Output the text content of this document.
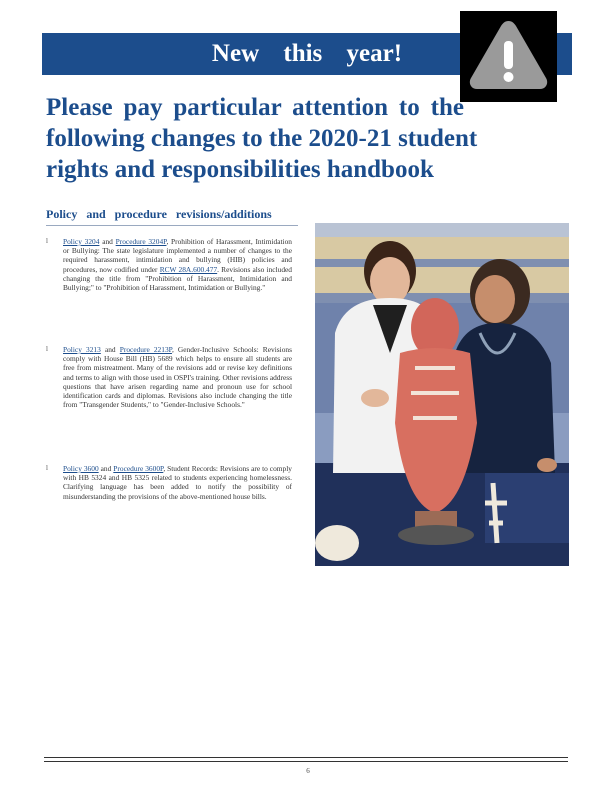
New this year!
Please pay particular attention to the
following changes to the 2020-21 student
rights and responsibilities handbook
Policy and procedure revisions/additions
l Policy 3204 and Procedure 3204P, Prohibition of Harassment, Intimidation or Bullying: The state legislature implemented a number of changes to the required harassment, intimidation and bullying (HIB) policies and procedures, now codified under RCW 28A.600.477. Revisions also included changing the title from "Prohibition of Harassment, Intimidation and Bullying;" to "Prohibition of Harassment, Intimidation or Bullying."
l Policy 3213 and Procedure 2213P, Gender-Inclusive Schools: Revisions comply with House Bill (HB) 5689 which helps to ensure all students are free from mistreatment. Many of the revisions add or revise key definitions and terms to align with those used in OSPI's training. Other revisions address questions that have arisen regarding name and pronoun use for school identification cards and diplomas. Revisions also include changing the title from "Transgender Students," to "Gender-Inclusive Schools."
l Policy 3600 and Procedure 3600P, Student Records: Revisions are to comply with HB 5324 and HB 5325 related to students experiencing homelessness. Clarifying language has been added to notify the possibility of misunderstanding the provisions of the above-mentioned house bills.
6
